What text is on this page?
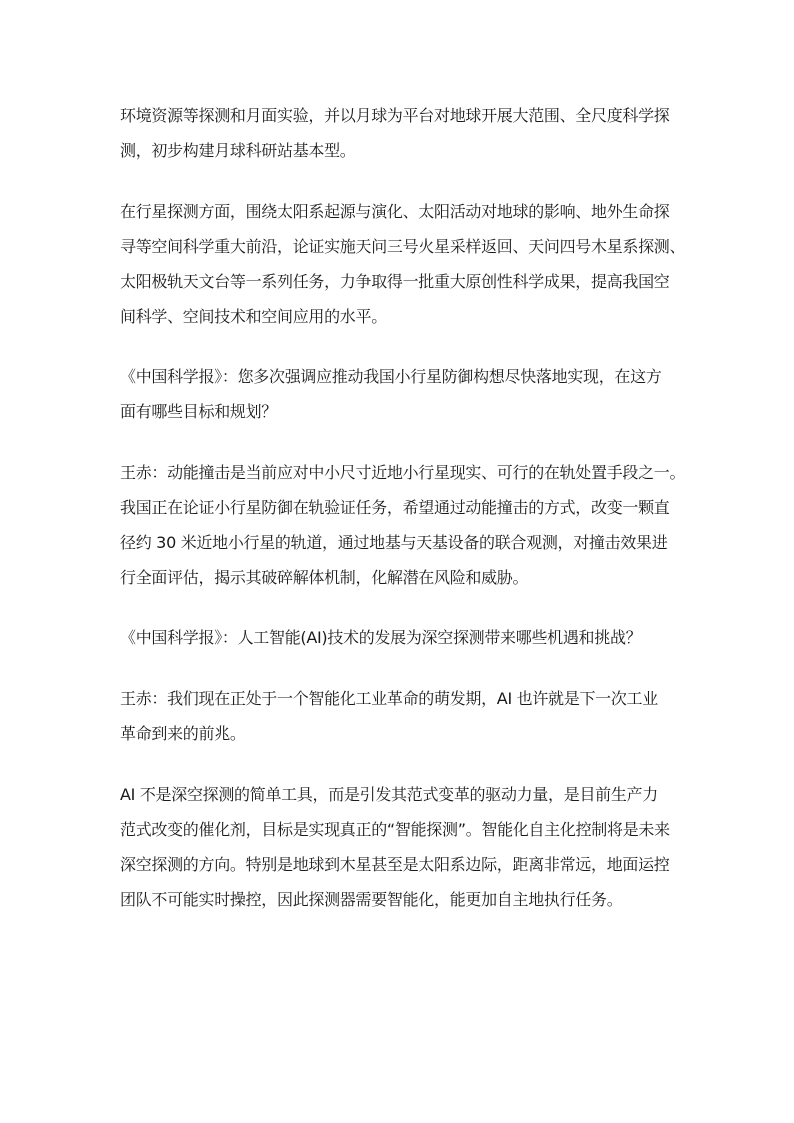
环境资源等探测和月面实验，并以月球为平台对地球开展大范围、全尺度科学探
测，初步构建月球科研站基本型。

在行星探测方面，围绕太阳系起源与演化、太阳活动对地球的影响、地外生命探
寻等空间科学重大前沿，论证实施天问三号火星采样返回、天问四号木星系探测、
太阳极轨天文台等一系列任务，力争取得一批重大原创性科学成果，提高我国空
间科学、空间技术和空间应用的水平。

《中国科学报》：您多次强调应推动我国小行星防御构想尽快落地实现，在这方
面有哪些目标和规划？

王赤：动能撞击是当前应对中小尺寸近地小行星现实、可行的在轨处置手段之一。
我国正在论证小行星防御在轨验证任务，希望通过动能撞击的方式，改变一颗直
径约 30 米近地小行星的轨道，通过地基与天基设备的联合观测，对撞击效果进
行全面评估，揭示其破碎解体机制，化解潜在风险和威胁。

《中国科学报》：人工智能(AI)技术的发展为深空探测带来哪些机遇和挑战？

王赤：我们现在正处于一个智能化工业革命的萌发期，AI 也许就是下一次工业
革命到来的前兆。

AI 不是深空探测的简单工具，而是引发其范式变革的驱动力量，是目前生产力
范式改变的催化剂，目标是实现真正的“智能探测”。智能化自主化控制将是未来
深空探测的方向。特别是地球到木星甚至是太阳系边际，距离非常远，地面运控
团队不可能实时操控，因此探测器需要智能化，能更加自主地执行任务。
